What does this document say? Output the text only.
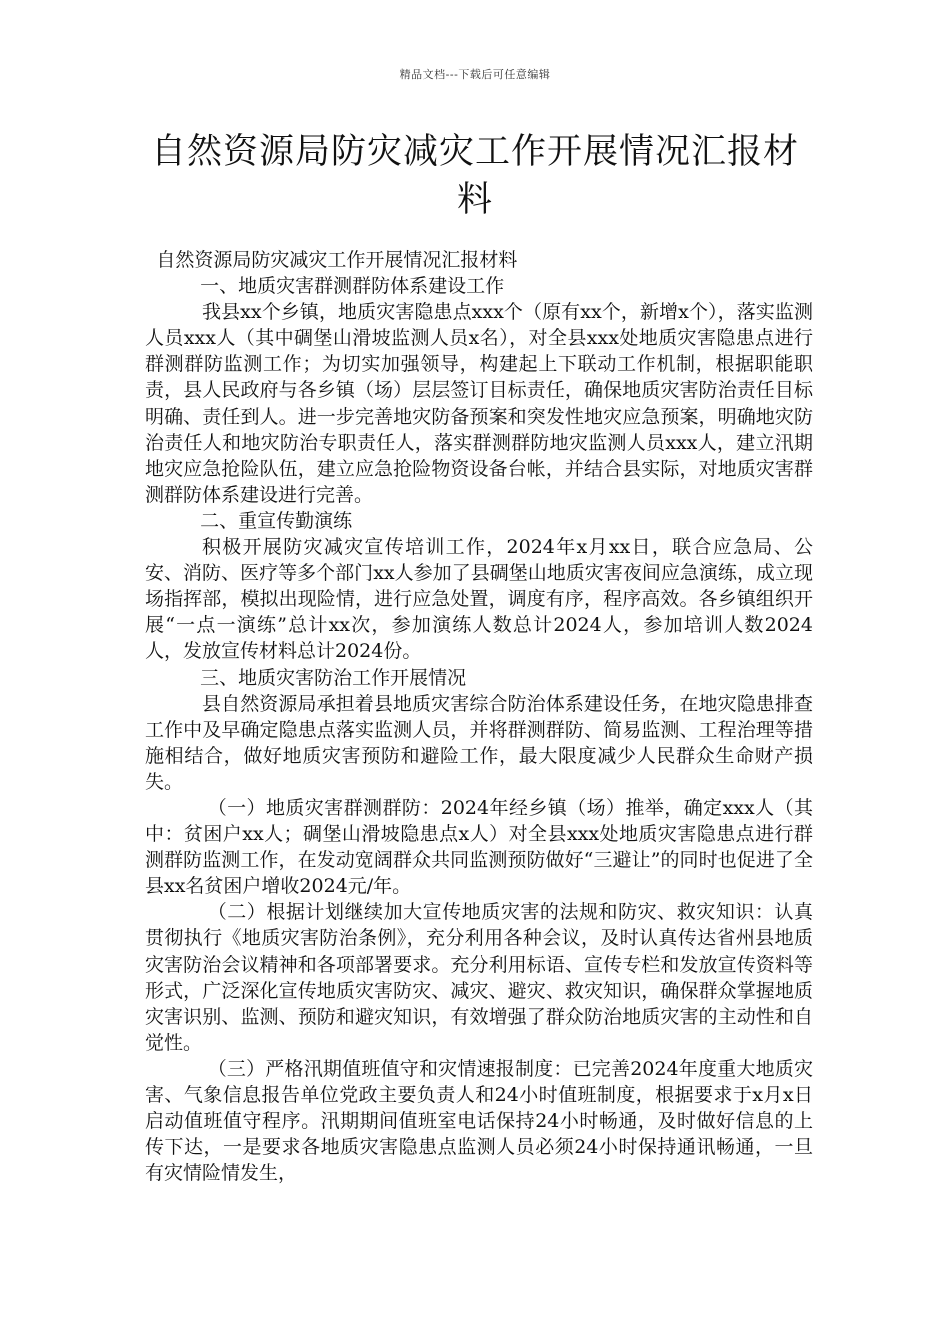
精品文档---下载后可任意编辑
自然资源局防灾减灾工作开展情况汇报材料

自然资源局防灾减灾工作开展情况汇报材料

一、地质灾害群测群防体系建设工作

我县xx个乡镇，地质灾害隐患点xxx个（原有xx个，新增x个），落实监测人员xxx人（其中碉堡山滑坡监测人员x名），对全县xxx处地质灾害隐患点进行群测群防监测工作；为切实加强领导，构建起上下联动工作机制，根据职能职责，县人民政府与各乡镇（场）层层签订目标责任，确保地质灾害防治责任目标明确、责任到人。进一步完善地灾防备预案和突发性地灾应急预案，明确地灾防治责任人和地灾防治专职责任人，落实群测群防地灾监测人员xxx人，建立汛期地灾应急抢险队伍，建立应急抢险物资设备台帐，并结合县实际，对地质灾害群测群防体系建设进行完善。

二、重宣传勤演练

积极开展防灾减灾宣传培训工作，2024年x月xx日，联合应急局、公安、消防、医疗等多个部门xx人参加了县碉堡山地质灾害夜间应急演练，成立现场指挥部，模拟出现险情，进行应急处置，调度有序，程序高效。各乡镇组织开展“一点一演练”总计xx次，参加演练人数总计2024人，参加培训人数2024人，发放宣传材料总计2024份。

三、地质灾害防治工作开展情况

县自然资源局承担着县地质灾害综合防治体系建设任务，在地灾隐患排查工作中及早确定隐患点落实监测人员，并将群测群防、简易监测、工程治理等措施相结合，做好地质灾害预防和避险工作，最大限度减少人民群众生命财产损失。

（一）地质灾害群测群防：2024年经乡镇（场）推举，确定xxx人（其中：贫困户xx人；碉堡山滑坡隐患点x人）对全县xxx处地质灾害隐患点进行群测群防监测工作，在发动宽阔群众共同监测预防做好“三避让”的同时也促进了全县xx名贫困户增收2024元/年。

（二）根据计划继续加大宣传地质灾害的法规和防灾、救灾知识：认真贯彻执行《地质灾害防治条例》，充分利用各种会议，及时认真传达省州县地质灾害防治会议精神和各项部署要求。充分利用标语、宣传专栏和发放宣传资料等形式，广泛深化宣传地质灾害防灾、减灾、避灾、救灾知识，确保群众掌握地质灾害识别、监测、预防和避灾知识，有效增强了群众防治地质灾害的主动性和自觉性。

（三）严格汛期值班值守和灾情速报制度：已完善2024年度重大地质灾害、气象信息报告单位党政主要负责人和24小时值班制度，根据要求于x月x日启动值班值守程序。汛期期间值班室电话保持24小时畅通，及时做好信息的上传下达，一是要求各地质灾害隐患点监测人员必须24小时保持通讯畅通，一旦有灾情险情发生，
